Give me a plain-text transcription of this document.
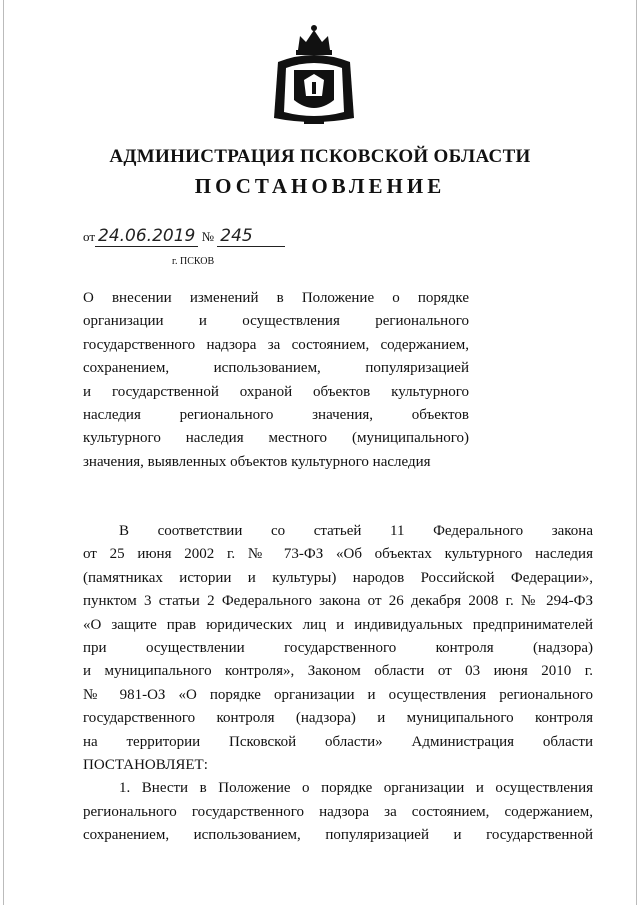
АДМИНИСТРАЦИЯ ПСКОВСКОЙ ОБЛАСТИ
ПОСТАНОВЛЕНИЕ
от 24.06.2019 № 245
г. ПСКОВ
О внесении изменений в Положение о порядке
организации и осуществления регионального
государственного надзора за состоянием, содержанием,
сохранением, использованием, популяризацией
и государственной охраной объектов культурного
наследия регионального значения, объектов
культурного наследия местного (муниципального)
значения, выявленных объектов культурного наследия
В соответствии со статьей 11 Федерального закона
от 25 июня 2002 г. № 73-ФЗ «Об объектах культурного наследия
(памятниках истории и культуры) народов Российской Федерации»,
пунктом 3 статьи 2 Федерального закона от 26 декабря 2008 г. № 294-ФЗ
«О защите прав юридических лиц и индивидуальных предпринимателей
при осуществлении государственного контроля (надзора)
и муниципального контроля», Законом области от 03 июня 2010 г.
№ 981-ОЗ «О порядке организации и осуществления регионального
государственного контроля (надзора) и муниципального контроля
на территории Псковской области» Администрация области
ПОСТАНОВЛЯЕТ:
1. Внести в Положение о порядке организации и осуществления
регионального государственного надзора за состоянием, содержанием,
сохранением, использованием, популяризацией и государственной
